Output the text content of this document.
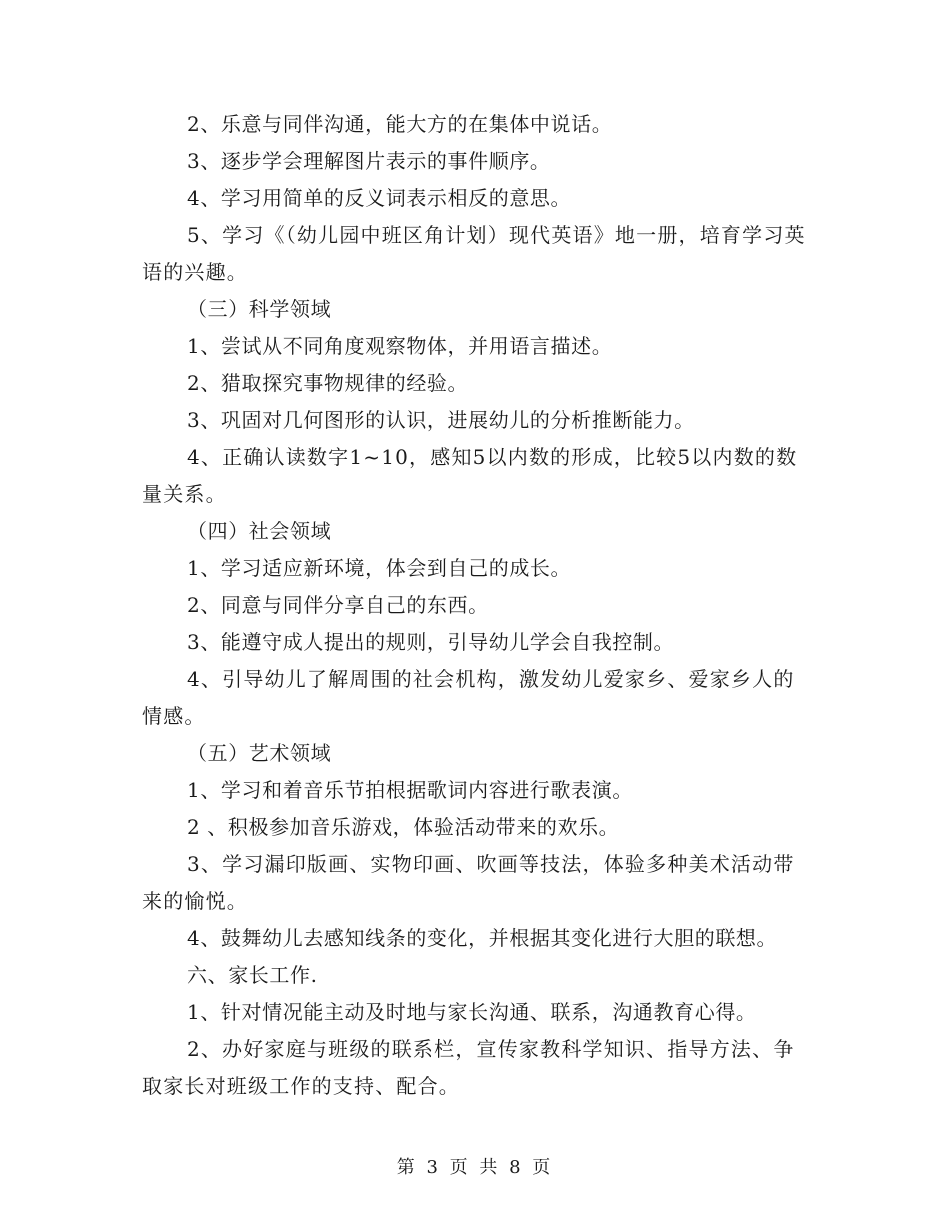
2、乐意与同伴沟通，能大方的在集体中说话。

3、逐步学会理解图片表示的事件顺序。

4、学习用简单的反义词表示相反的意思。

5、学习《（幼儿园中班区角计划）现代英语》地一册，培育学习英语的兴趣。

（三）科学领域

1、尝试从不同角度观察物体，并用语言描述。

2、猎取探究事物规律的经验。

3、巩固对几何图形的认识，进展幼儿的分析推断能力。

4、正确认读数字1~10，感知5以内数的形成，比较5以内数的数量关系。

（四）社会领域

1、学习适应新环境，体会到自己的成长。

2、同意与同伴分享自己的东西。

3、能遵守成人提出的规则，引导幼儿学会自我控制。

4、引导幼儿了解周围的社会机构，激发幼儿爱家乡、爱家乡人的情感。

（五）艺术领域

1、学习和着音乐节拍根据歌词内容进行歌表演。

2 、积极参加音乐游戏，体验活动带来的欢乐。

3、学习漏印版画、实物印画、吹画等技法，体验多种美术活动带来的愉悦。

4、鼓舞幼儿去感知线条的变化，并根据其变化进行大胆的联想。

六、家长工作.

1、针对情况能主动及时地与家长沟通、联系，沟通教育心得。

2、办好家庭与班级的联系栏，宣传家教科学知识、指导方法、争取家长对班级工作的支持、配合。

第 3 页 共 8 页
